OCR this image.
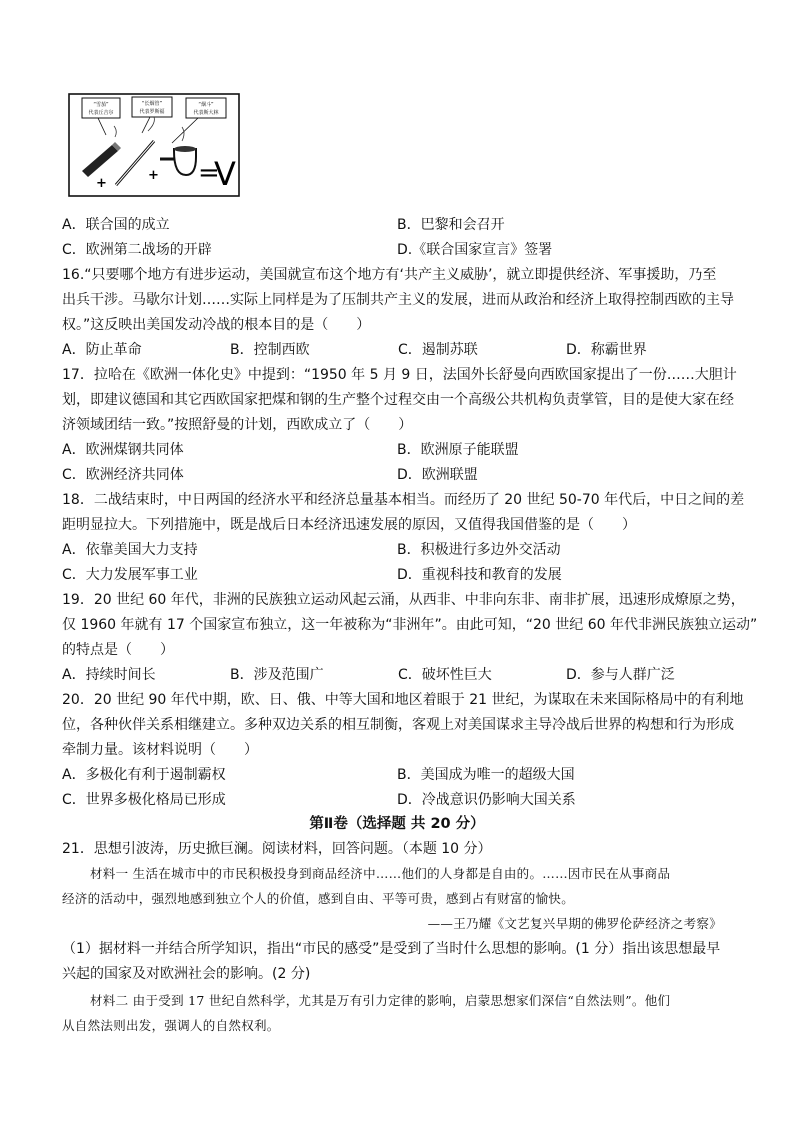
“雪茄”
代表丘吉尔
“长烟管”
代表罗斯福
“烟斗”
代表斯大林
+
+ =
V
A．联合国的成立	B．巴黎和会召开
C．欧洲第二战场的开辟	D.《联合国家宣言》签署
16.“只要哪个地方有进步运动，美国就宣布这个地方有‘共产主义威胁’，就立即提供经济、军事援助，乃至
出兵干涉。马歇尔计划……实际上同样是为了压制共产主义的发展，进而从政治和经济上取得控制西欧的主导
权。”这反映出美国发动冷战的根本目的是（　　）
A．防止革命	B．控制西欧	C．遏制苏联	D．称霸世界
17．拉哈在《欧洲一体化史》中提到：“1950 年 5 月 9 日，法国外长舒曼向西欧国家提出了一份……大胆计
划，即建议德国和其它西欧国家把煤和钢的生产整个过程交由一个高级公共机构负责掌管，目的是使大家在经
济领域团结一致。”按照舒曼的计划，西欧成立了（　　）
A．欧洲煤钢共同体	B．欧洲原子能联盟
C．欧洲经济共同体	D．欧洲联盟
18．二战结束时，中日两国的经济水平和经济总量基本相当。而经历了 20 世纪 50-70 年代后，中日之间的差
距明显拉大。下列措施中，既是战后日本经济迅速发展的原因，又值得我国借鉴的是（　　）
A．依靠美国大力支持	B．积极进行多边外交活动
C．大力发展军事工业	D．重视科技和教育的发展
19．20 世纪 60 年代，非洲的民族独立运动风起云涌，从西非、中非向东非、南非扩展，迅速形成燎原之势，
仅 1960 年就有 17 个国家宣布独立，这一年被称为“非洲年”。由此可知，“20 世纪 60 年代非洲民族独立运动”
的特点是（　　）
A．持续时间长	B．涉及范围广	C．破坏性巨大	D．参与人群广泛
20．20 世纪 90 年代中期，欧、日、俄、中等大国和地区着眼于 21 世纪，为谋取在未来国际格局中的有利地
位，各种伙伴关系相继建立。多种双边关系的相互制衡，客观上对美国谋求主导冷战后世界的构想和行为形成
牵制力量。该材料说明（　　）
A．多极化有利于遏制霸权	B．美国成为唯一的超级大国
C．世界多极化格局已形成	D．冷战意识仍影响大国关系
第Ⅱ卷（选择题 共 20 分）
21．思想引波涛，历史掀巨澜。阅读材料，回答问题。（本题 10 分）
材料一 生活在城市中的市民积极投身到商品经济中……他们的人身都是自由的。……因市民在从事商品
经济的活动中，强烈地感到独立个人的价值，感到自由、平等可贵，感到占有财富的愉快。
——王乃耀《文艺复兴早期的佛罗伦萨经济之考察》
（1）据材料一并结合所学知识，指出“市民的感受”是受到了当时什么思想的影响。(1 分）指出该思想最早
兴起的国家及对欧洲社会的影响。(2 分)
材料二 由于受到 17 世纪自然科学，尤其是万有引力定律的影响，启蒙思想家们深信“自然法则”。他们
从自然法则出发，强调人的自然权利。
